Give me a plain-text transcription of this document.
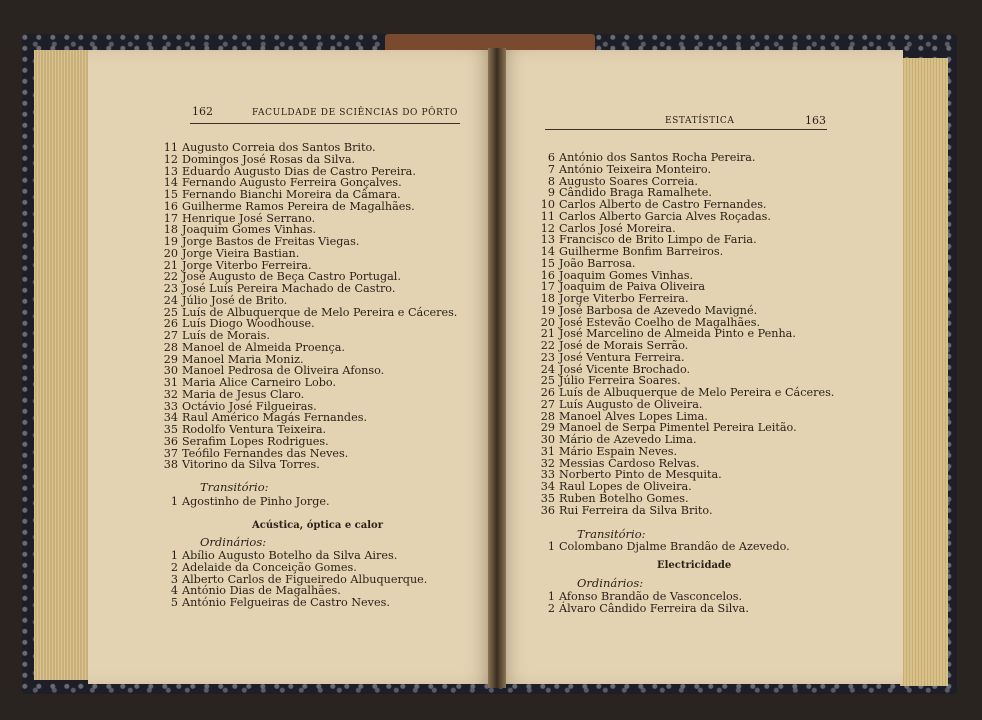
162	FACULDADE DE SCIÊNCIAS DO PÔRTO
11 Augusto Correia dos Santos Brito.
12 Domingos José Rosas da Silva.
13 Eduardo Augusto Dias de Castro Pereira.
14 Fernando Augusto Ferreira Gonçalves.
15 Fernando Bianchi Moreira da Câmara.
16 Guilherme Ramos Pereira de Magalhães.
17 Henrique José Serrano.
18 Joaquim Gomes Vinhas.
19 Jorge Bastos de Freitas Viegas.
20 Jorge Vieira Bastian.
21 Jorge Viterbo Ferreira.
22 José Augusto de Beça Castro Portugal.
23 José Luís Pereira Machado de Castro.
24 Júlio José de Brito.
25 Luís de Albuquerque de Melo Pereira e Cáceres.
26 Luís Diogo Woodhouse.
27 Luís de Morais.
28 Manoel de Almeida Proença.
29 Manoel Maria Moniz.
30 Manoel Pedrosa de Oliveira Afonso.
31 Maria Alice Carneiro Lobo.
32 Maria de Jesus Claro.
33 Octávio José Filgueiras.
34 Raul Américo Magás Fernandes.
35 Rodolfo Ventura Teixeira.
36 Serafim Lopes Rodrigues.
37 Teófilo Fernandes das Neves.
38 Vitorino da Silva Torres.
Transitório:
1 Agostinho de Pinho Jorge.
Acústica, óptica e calor
Ordinários:
1 Abílio Augusto Botelho da Silva Aires.
2 Adelaide da Conceição Gomes.
3 Alberto Carlos de Figueiredo Albuquerque.
4 António Dias de Magalhães.
5 António Felgueiras de Castro Neves.
ESTATÍSTICA	163
6 António dos Santos Rocha Pereira.
7 António Teixeira Monteiro.
8 Augusto Soares Correia.
9 Cândido Braga Ramalhete.
10 Carlos Alberto de Castro Fernandes.
11 Carlos Alberto Garcia Alves Roçadas.
12 Carlos José Moreira.
13 Francisco de Brito Limpo de Faria.
14 Guilherme Bonfim Barreiros.
15 João Barrosa.
16 Joaquim Gomes Vinhas.
17 Joaquim de Paiva Oliveira
18 Jorge Viterbo Ferreira.
19 José Barbosa de Azevedo Mavigné.
20 José Estevão Coelho de Magalhães.
21 José Marcelino de Almeida Pinto e Penha.
22 José de Morais Serrão.
23 José Ventura Ferreira.
24 José Vicente Brochado.
25 Júlio Ferreira Soares.
26 Luís de Albuquerque de Melo Pereira e Cáceres.
27 Luís Augusto de Oliveira.
28 Manoel Alves Lopes Lima.
29 Manoel de Serpa Pimentel Pereira Leitão.
30 Mário de Azevedo Lima.
31 Mário Espain Neves.
32 Messias Cardoso Relvas.
33 Norberto Pinto de Mesquita.
34 Raul Lopes de Oliveira.
35 Ruben Botelho Gomes.
36 Rui Ferreira da Silva Brito.
Transitório:
1 Colombano Djalme Brandão de Azevedo.
Electricidade
Ordinários:
1 Afonso Brandão de Vasconcelos.
2 Álvaro Cândido Ferreira da Silva.
